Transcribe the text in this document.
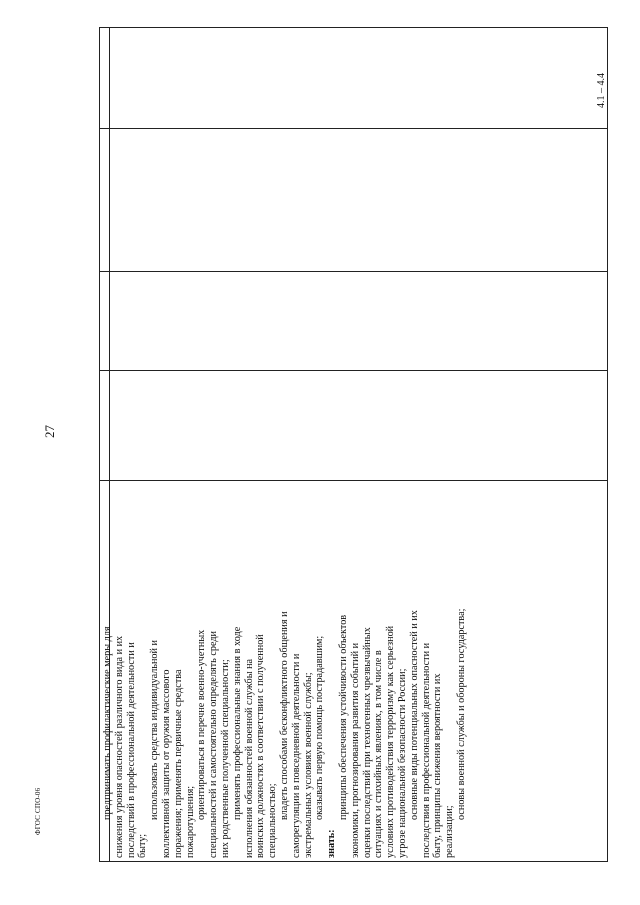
27
ФГОС СПО-06
4.1 – 4.4

предпринимать профилактические меры для снижения уровня опасностей различного вида и их последствий в профессиональной деятельности и быту;

использовать средства индивидуальной и коллективной защиты от оружия массового поражения; применять первичные средства пожаротушения;

ориентироваться в перечне военно-учетных специальностей и самостоятельно определять среди них родственные полученной специальности; применять профессиональные знания в ходе исполнения обязанностей военной службы на воинских должностях в соответствии с полученной специальностью;

владеть способами бесконфликтного общения и саморегуляции в повседневной деятельности и экстремальных условиях военной службы; оказывать первую помощь пострадавшим;

знать:

принципы обеспечения устойчивости объектов экономики, прогнозирования развития событий и оценки последствий при техногенных чрезвычайных ситуациях и стихийных явлениях, в том числе в условиях противодействия терроризму как серьезной угрозе национальной безопасности России; основные виды потенциальных опасностей и их последствия в профессиональной деятельности и быту, принципы снижения вероятности их реализации;

основы военной службы и обороны государства;
